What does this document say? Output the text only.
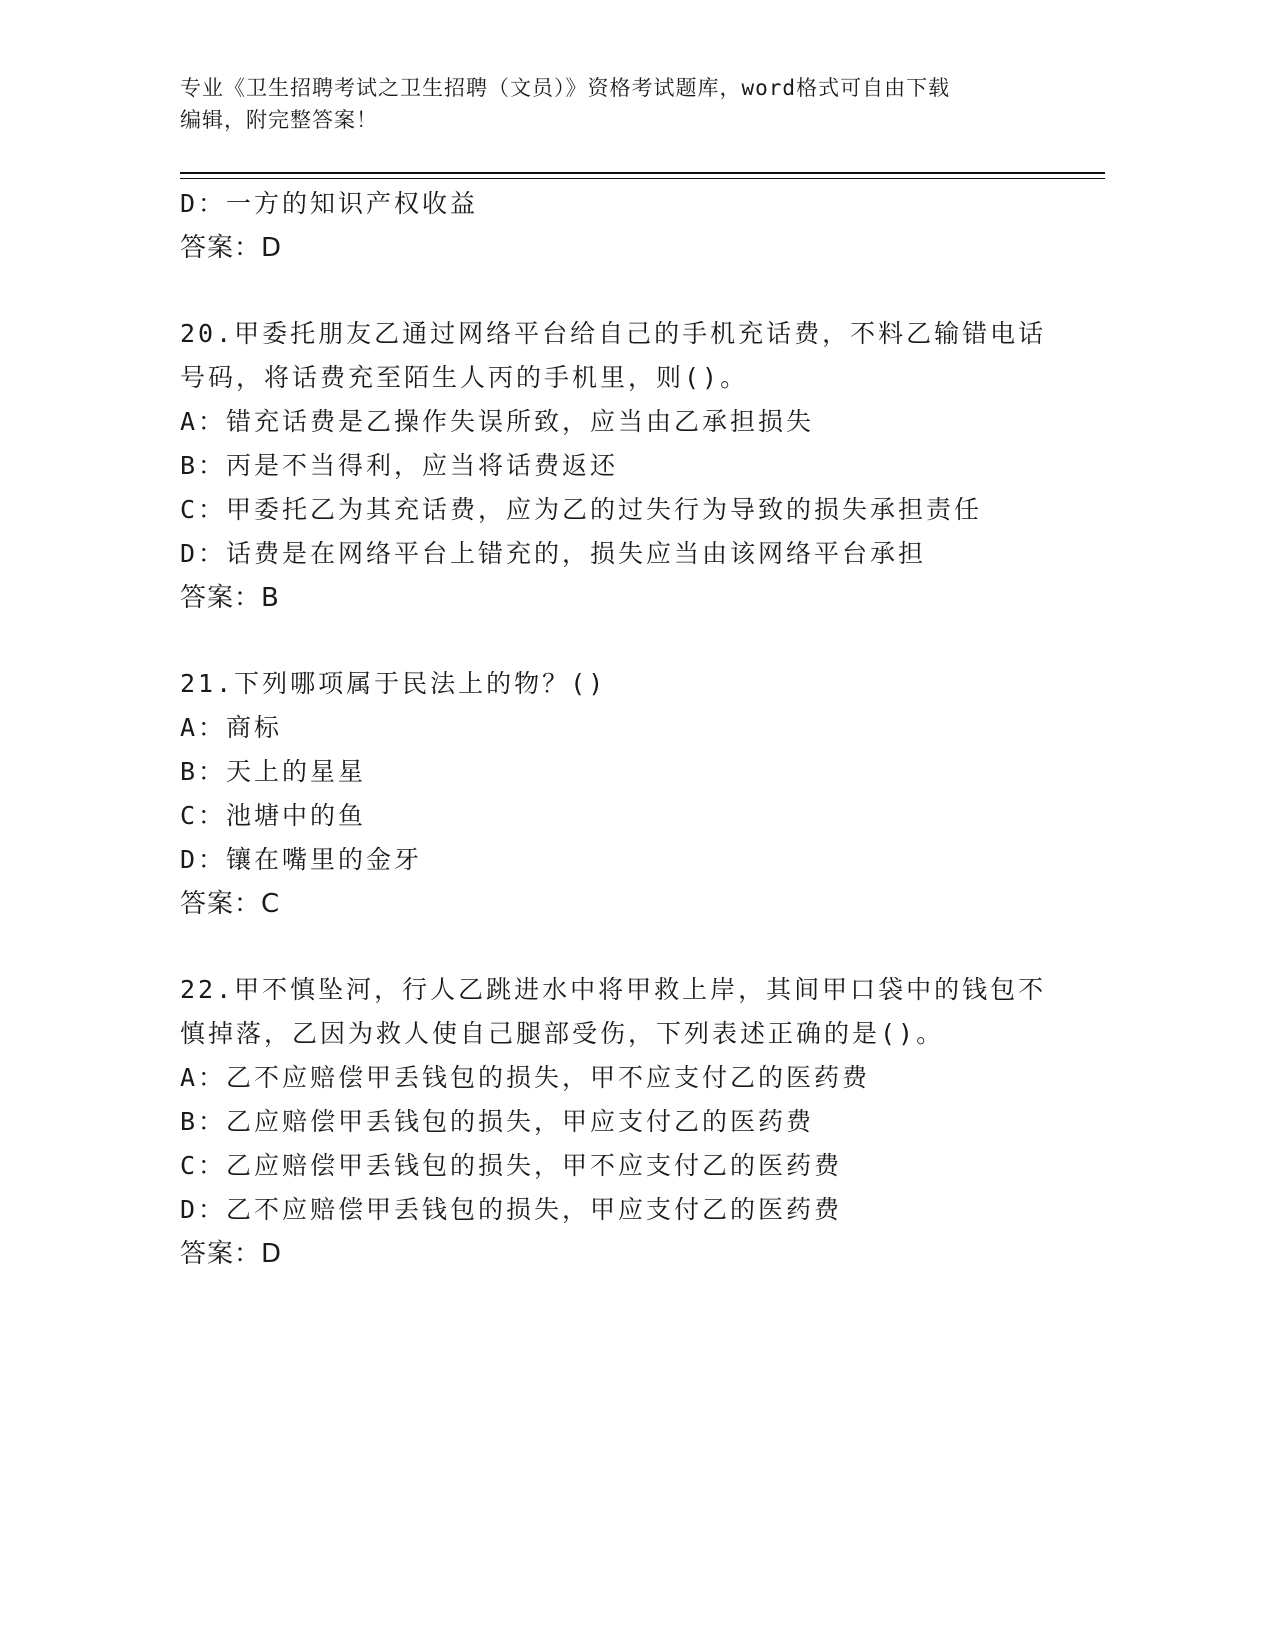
专业《卫生招聘考试之卫生招聘（文员）》资格考试题库，word格式可自由下载
编辑，附完整答案！
D：一方的知识产权收益
答案：D
20.甲委托朋友乙通过网络平台给自己的手机充话费，不料乙输错电话
号码，将话费充至陌生人丙的手机里，则()。
A：错充话费是乙操作失误所致，应当由乙承担损失
B：丙是不当得利，应当将话费返还
C：甲委托乙为其充话费，应为乙的过失行为导致的损失承担责任
D：话费是在网络平台上错充的，损失应当由该网络平台承担
答案：B
21.下列哪项属于民法上的物？()
A：商标
B：天上的星星
C：池塘中的鱼
D：镶在嘴里的金牙
答案：C
22.甲不慎坠河，行人乙跳进水中将甲救上岸，其间甲口袋中的钱包不
慎掉落，乙因为救人使自己腿部受伤，下列表述正确的是()。
A：乙不应赔偿甲丢钱包的损失，甲不应支付乙的医药费
B：乙应赔偿甲丢钱包的损失，甲应支付乙的医药费
C：乙应赔偿甲丢钱包的损失，甲不应支付乙的医药费
D：乙不应赔偿甲丢钱包的损失，甲应支付乙的医药费
答案：D
